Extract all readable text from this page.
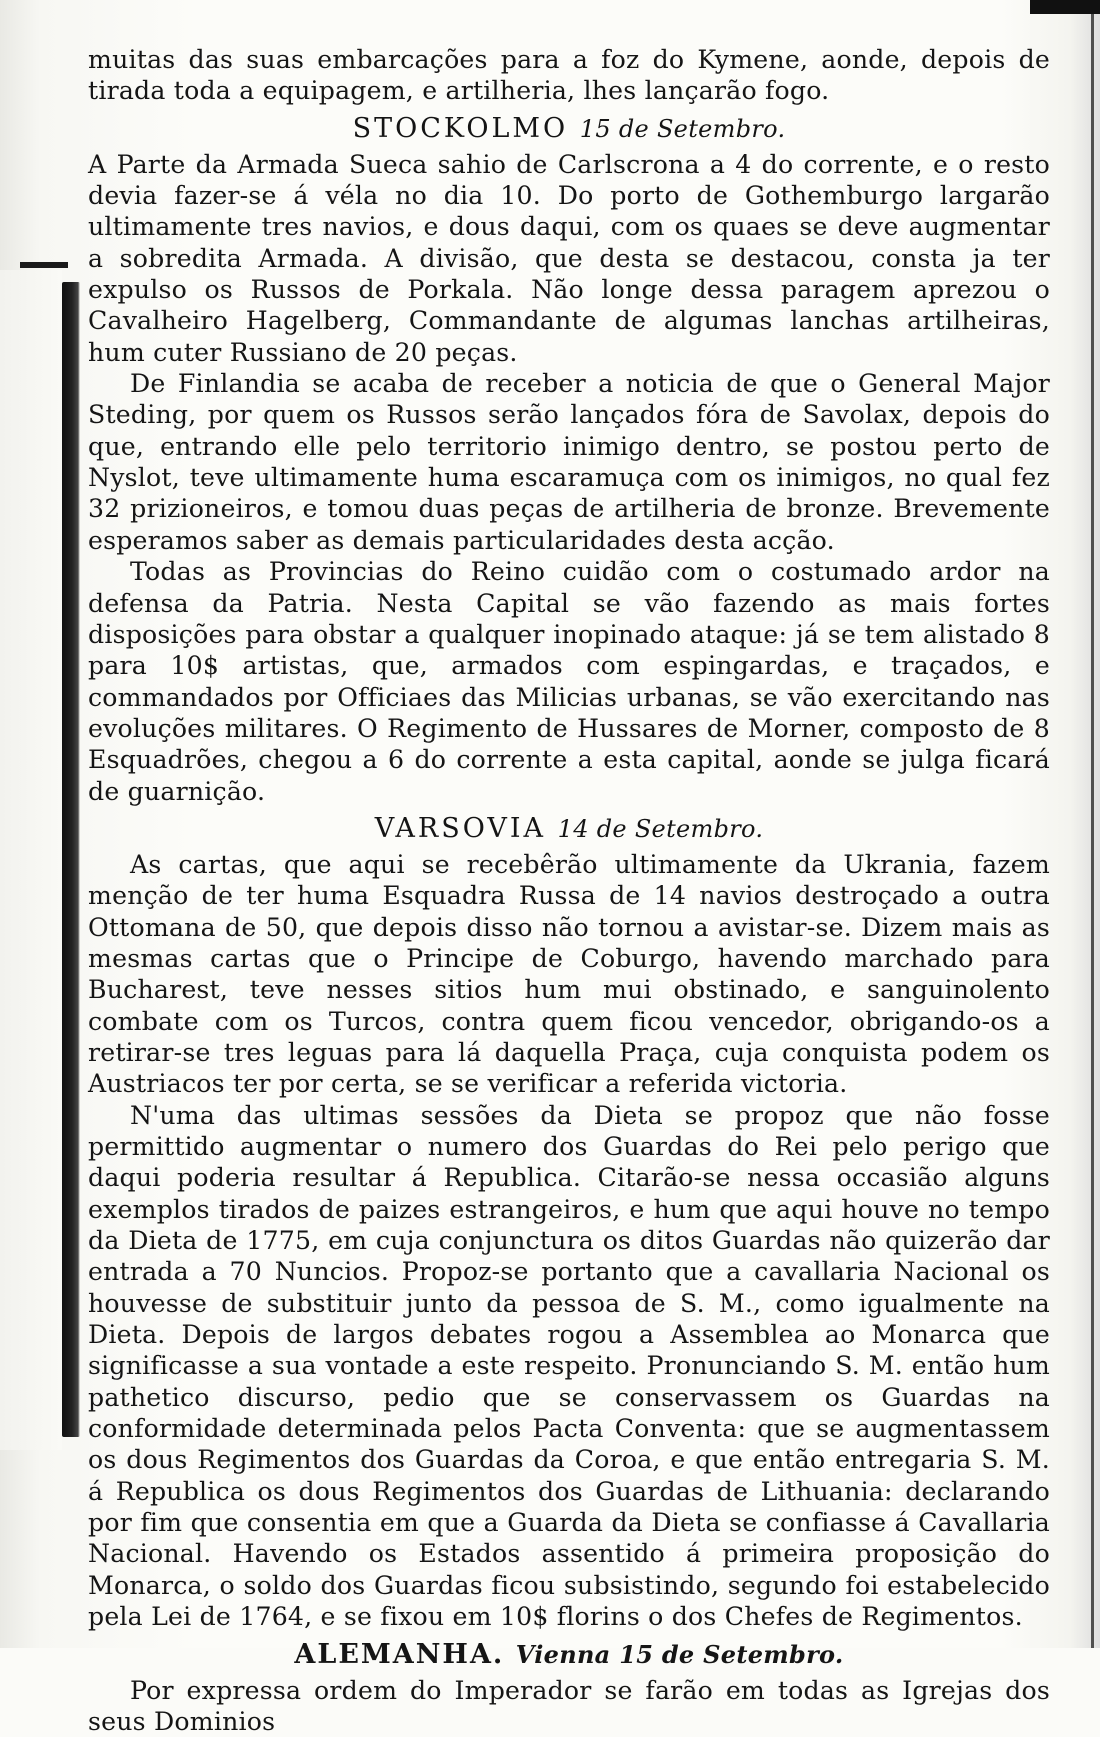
muitas das suas embarcações para a foz do Kymene, aonde, depois de tirada toda a equipagem, e artilheria, lhes lançarão fogo.

STOCKOLMO 15 de Setembro.

A Parte da Armada Sueca sahio de Carlscrona a 4 do corrente, e o resto devia fazer-se á véla no dia 10. Do porto de Gothemburgo largarão ultimamente tres navios, e dous daqui, com os quaes se deve augmentar a sobredita Armada. A divisão, que desta se destacou, consta ja ter expulso os Russos de Porkala. Não longe dessa paragem aprezou o Cavalheiro Hagelberg, Commandante de algumas lanchas artilheiras, hum cuter Russiano de 20 peças.

De Finlandia se acaba de receber a noticia de que o General Major Steding, por quem os Russos serão lançados fóra de Savolax, depois do que, entrando elle pelo territorio inimigo dentro, se postou perto de Nyslot, teve ultimamente huma escaramuça com os inimigos, no qual fez 32 prizioneiros, e tomou duas peças de artilheria de bronze. Brevemente esperamos saber as demais particularidades desta acção.

Todas as Provincias do Reino cuidão com o costumado ardor na defensa da Patria. Nesta Capital se vão fazendo as mais fortes disposições para obstar a qualquer inopinado ataque: já se tem alistado 8 para 10$ artistas, que, armados com espingardas, e traçados, e commandados por Officiaes das Milicias urbanas, se vão exercitando nas evoluções militares. O Regimento de Hussares de Morner, composto de 8 Esquadrões, chegou a 6 do corrente a esta capital, aonde se julga ficará de guarnição.

VARSOVIA 14 de Setembro.

As cartas, que aqui se recebêrão ultimamente da Ukrania, fazem menção de ter huma Esquadra Russa de 14 navios destroçado a outra Ottomana de 50, que depois disso não tornou a avistar-se. Dizem mais as mesmas cartas que o Principe de Coburgo, havendo marchado para Bucharest, teve nesses sitios hum mui obstinado, e sanguinolento combate com os Turcos, contra quem ficou vencedor, obrigando-os a retirar-se tres leguas para lá daquella Praça, cuja conquista podem os Austriacos ter por certa, se se verificar a referida victoria.

N'uma das ultimas sessões da Dieta se propoz que não fosse permittido augmentar o numero dos Guardas do Rei pelo perigo que daqui poderia resultar á Republica. Citarão-se nessa occasião alguns exemplos tirados de paizes estrangeiros, e hum que aqui houve no tempo da Dieta de 1775, em cuja conjunctura os ditos Guardas não quizerão dar entrada a 70 Nuncios. Propoz-se portanto que a cavallaria Nacional os houvesse de substituir junto da pessoa de S. M., como igualmente na Dieta. Depois de largos debates rogou a Assemblea ao Monarca que significasse a sua vontade a este respeito. Pronunciando S. M. então hum pathetico discurso, pedio que se conservassem os Guardas na conformidade determinada pelos Pacta Conventa: que se augmentassem os dous Regimentos dos Guardas da Coroa, e que então entregaria S. M. á Republica os dous Regimentos dos Guardas de Lithuania: declarando por fim que consentia em que a Guarda da Dieta se confiasse á Cavallaria Nacional. Havendo os Estados assentido á primeira proposição do Monarca, o soldo dos Guardas ficou subsistindo, segundo foi estabelecido pela Lei de 1764, e se fixou em 10$ florins o dos Chefes de Regimentos.

ALEMANHA. Vienna 15 de Setembro.

Por expressa ordem do Imperador se farão em todas as Igrejas dos seus Dominios
